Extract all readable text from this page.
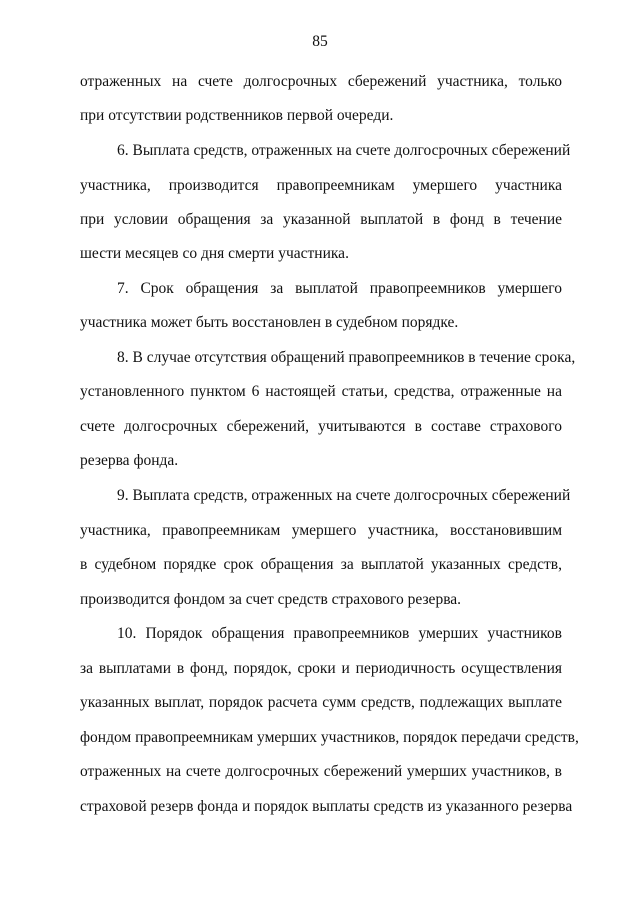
85
отраженных на счете долгосрочных сбережений участника, только
при отсутствии родственников первой очереди.
6. Выплата средств, отраженных на счете долгосрочных сбережений
участника, производится правопреемникам умершего участника
при условии обращения за указанной выплатой в фонд в течение
шести месяцев со дня смерти участника.
7. Срок обращения за выплатой правопреемников умершего
участника может быть восстановлен в судебном порядке.
8. В случае отсутствия обращений правопреемников в течение срока,
установленного пунктом 6 настоящей статьи, средства, отраженные на
счете долгосрочных сбережений, учитываются в составе страхового
резерва фонда.
9. Выплата средств, отраженных на счете долгосрочных сбережений
участника, правопреемникам умершего участника, восстановившим
в судебном порядке срок обращения за выплатой указанных средств,
производится фондом за счет средств страхового резерва.
10. Порядок обращения правопреемников умерших участников
за выплатами в фонд, порядок, сроки и периодичность осуществления
указанных выплат, порядок расчета сумм средств, подлежащих выплате
фондом правопреемникам умерших участников, порядок передачи средств,
отраженных на счете долгосрочных сбережений умерших участников, в
страховой резерв фонда и порядок выплаты средств из указанного резерва
